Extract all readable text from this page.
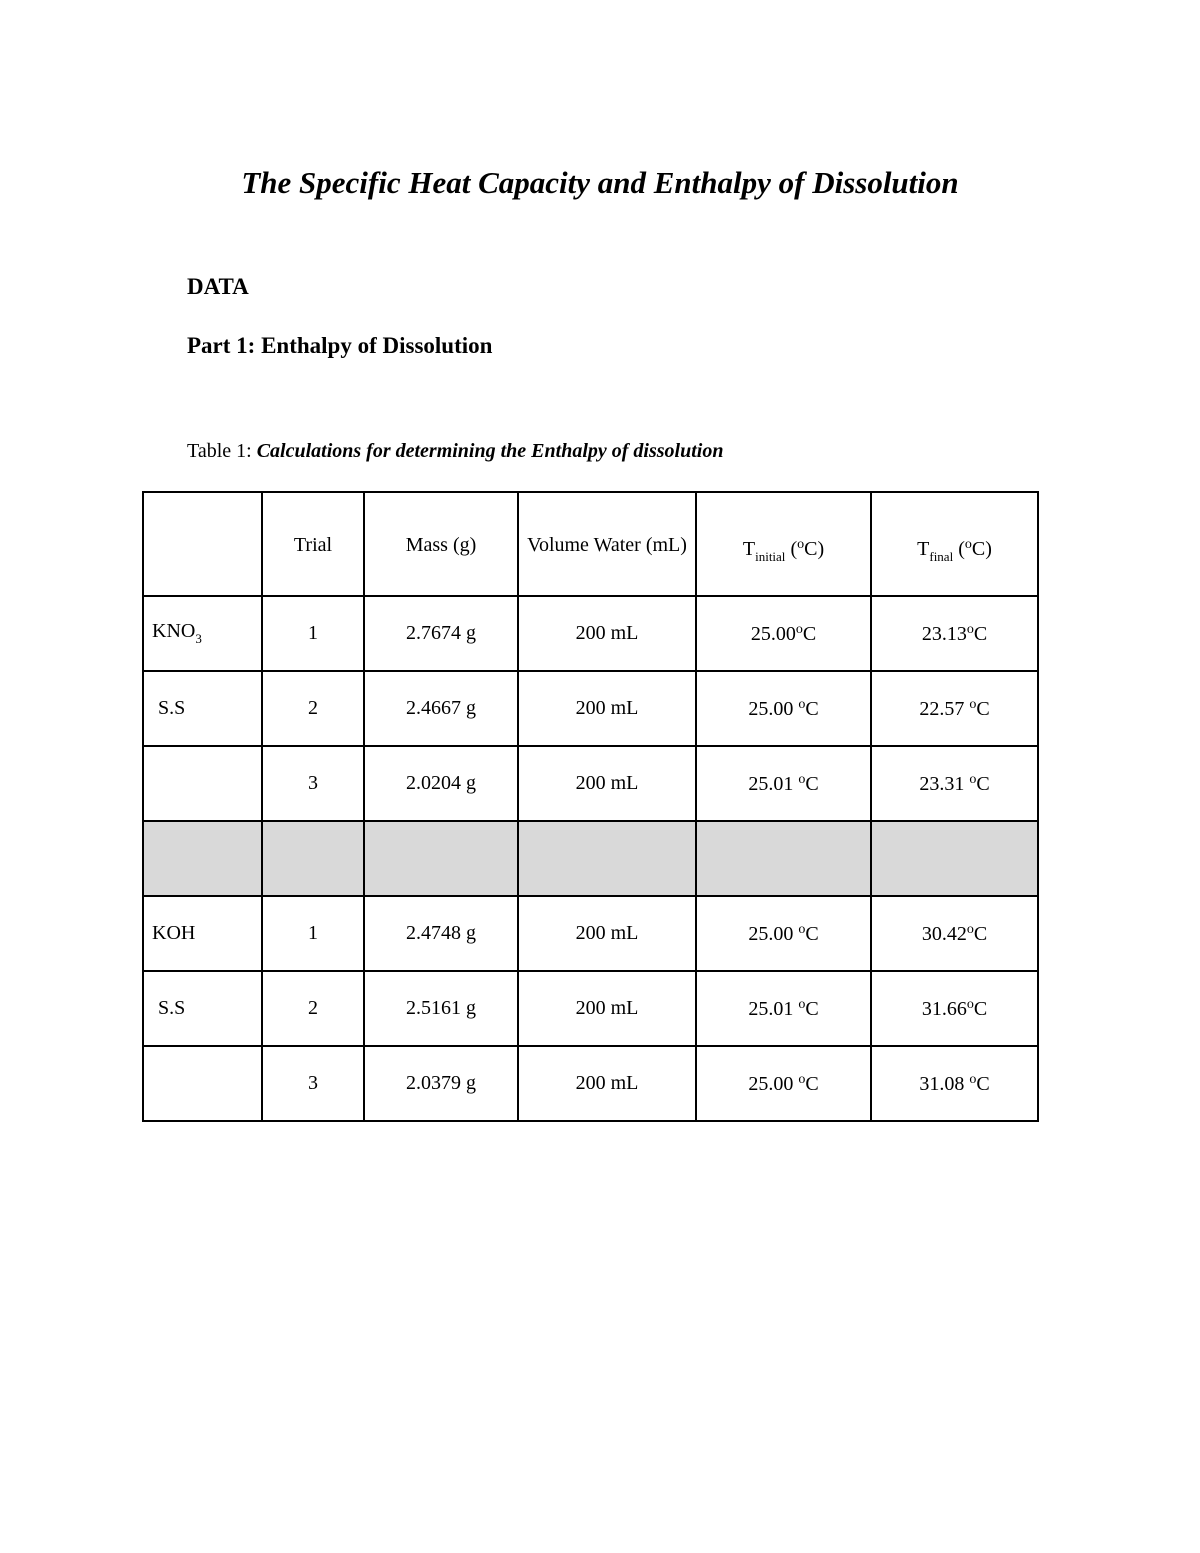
The Specific Heat Capacity and Enthalpy of Dissolution
DATA
Part 1: Enthalpy of Dissolution
Table 1: Calculations for determining the Enthalpy of dissolution
	Trial	Mass (g)	Volume Water (mL)	$T_{initial}$ ($^o$C)	$T_{final}$ ($^o$C)
$KNO_3$	1	2.7674 g	200 mL	25.00$^o$C	23.13$^o$C
S.S	2	2.4667 g	200 mL	25.00 $^o$C	22.57 $^o$C
	3	2.0204 g	200 mL	25.01 $^o$C	23.31 $^o$C

KOH	1	2.4748 g	200 mL	25.00 $^o$C	30.42$^o$C
S.S	2	2.5161 g	200 mL	25.01 $^o$C	31.66$^o$C
	3	2.0379 g	200 mL	25.00 $^o$C	31.08 $^o$C
